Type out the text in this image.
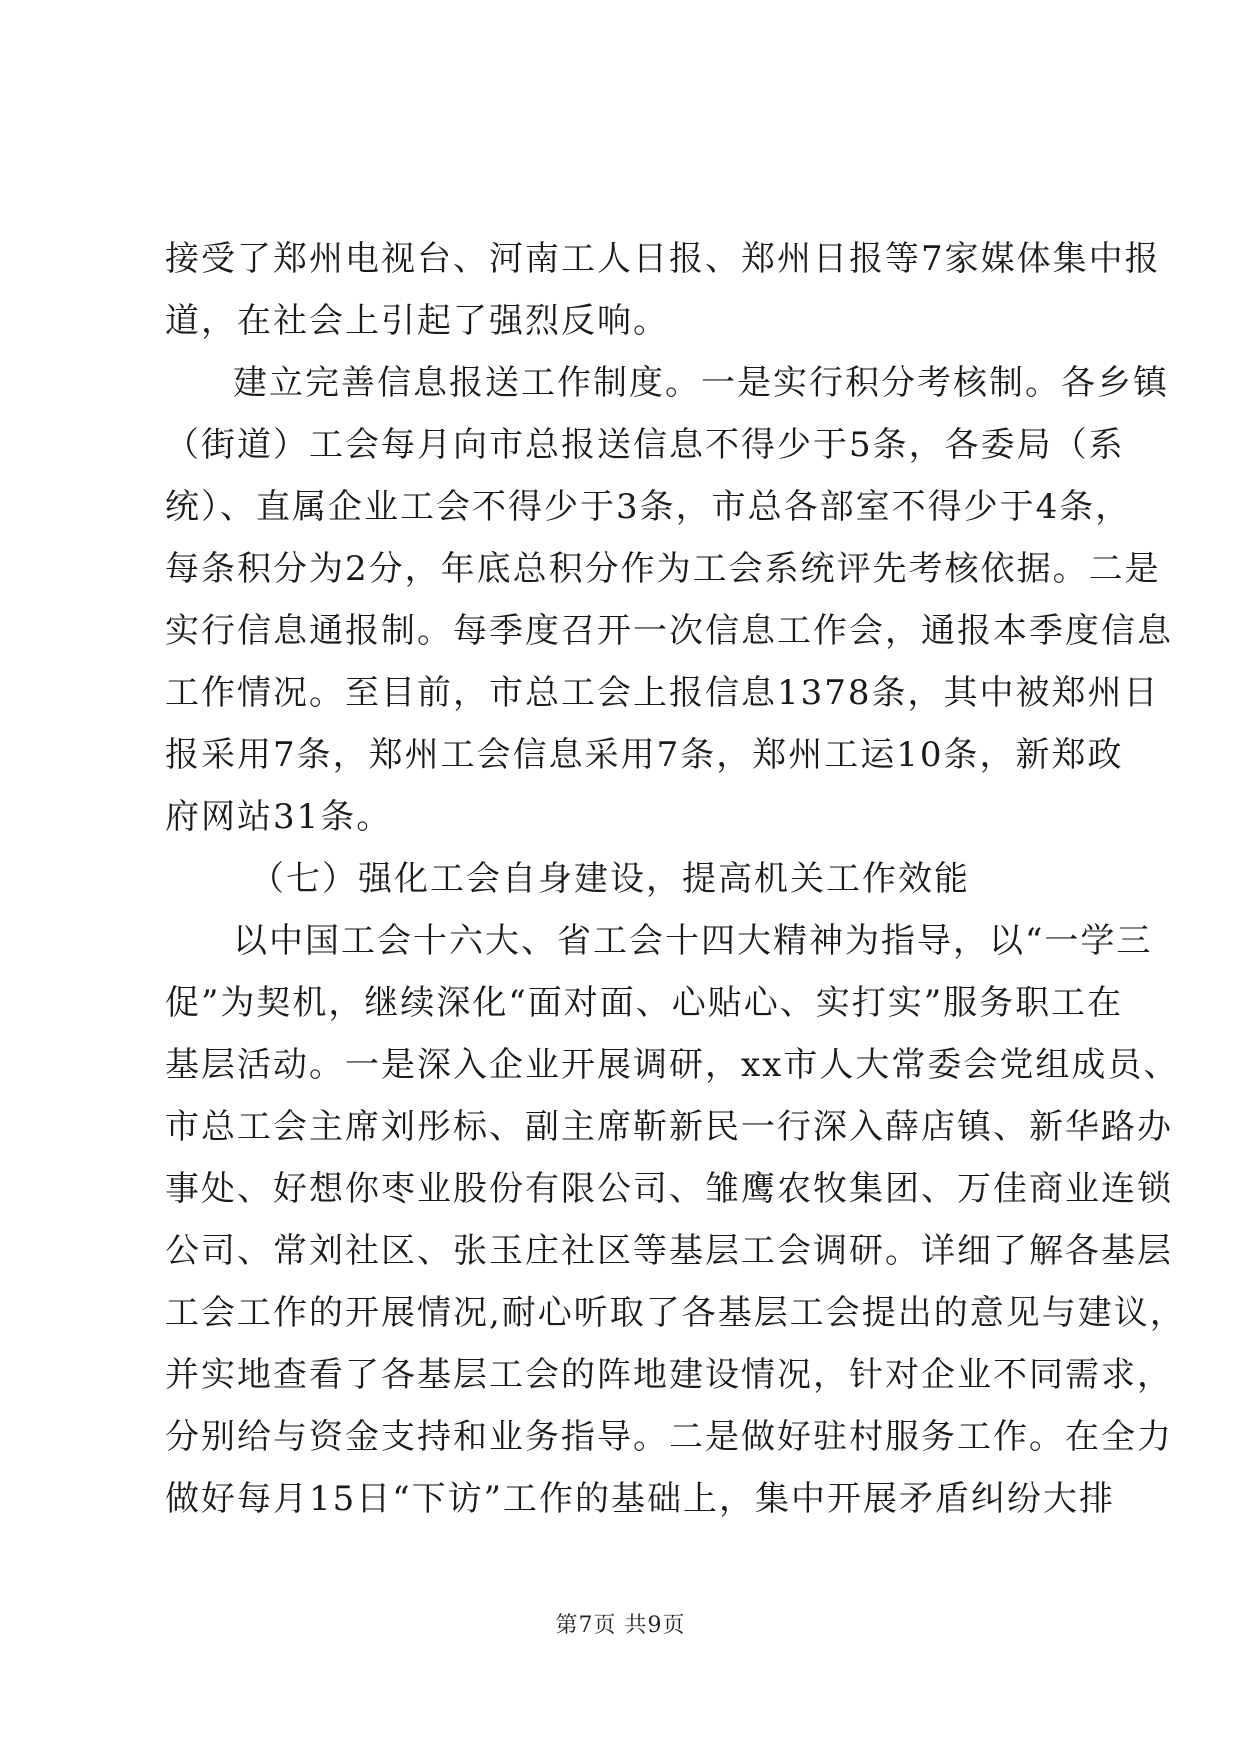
接受了郑州电视台、河南工人日报、郑州日报等7家媒体集中报
道，在社会上引起了强烈反响。
建立完善信息报送工作制度。一是实行积分考核制。各乡镇
（街道）工会每月向市总报送信息不得少于5条，各委局（系
统）、直属企业工会不得少于3条，市总各部室不得少于4条，
每条积分为2分，年底总积分作为工会系统评先考核依据。二是
实行信息通报制。每季度召开一次信息工作会，通报本季度信息
工作情况。至目前，市总工会上报信息1378条，其中被郑州日
报采用7条，郑州工会信息采用7条，郑州工运10条，新郑政
府网站31条。
（七）强化工会自身建设，提高机关工作效能
以中国工会十六大、省工会十四大精神为指导，以“一学三
促”为契机，继续深化“面对面、心贴心、实打实”服务职工在
基层活动。一是深入企业开展调研，xx市人大常委会党组成员、
市总工会主席刘彤标、副主席靳新民一行深入薛店镇、新华路办
事处、好想你枣业股份有限公司、雏鹰农牧集团、万佳商业连锁
公司、常刘社区、张玉庄社区等基层工会调研。详细了解各基层
工会工作的开展情况,耐心听取了各基层工会提出的意见与建议，
并实地查看了各基层工会的阵地建设情况，针对企业不同需求，
分别给与资金支持和业务指导。二是做好驻村服务工作。在全力
做好每月15日“下访”工作的基础上，集中开展矛盾纠纷大排
第7页 共9页
